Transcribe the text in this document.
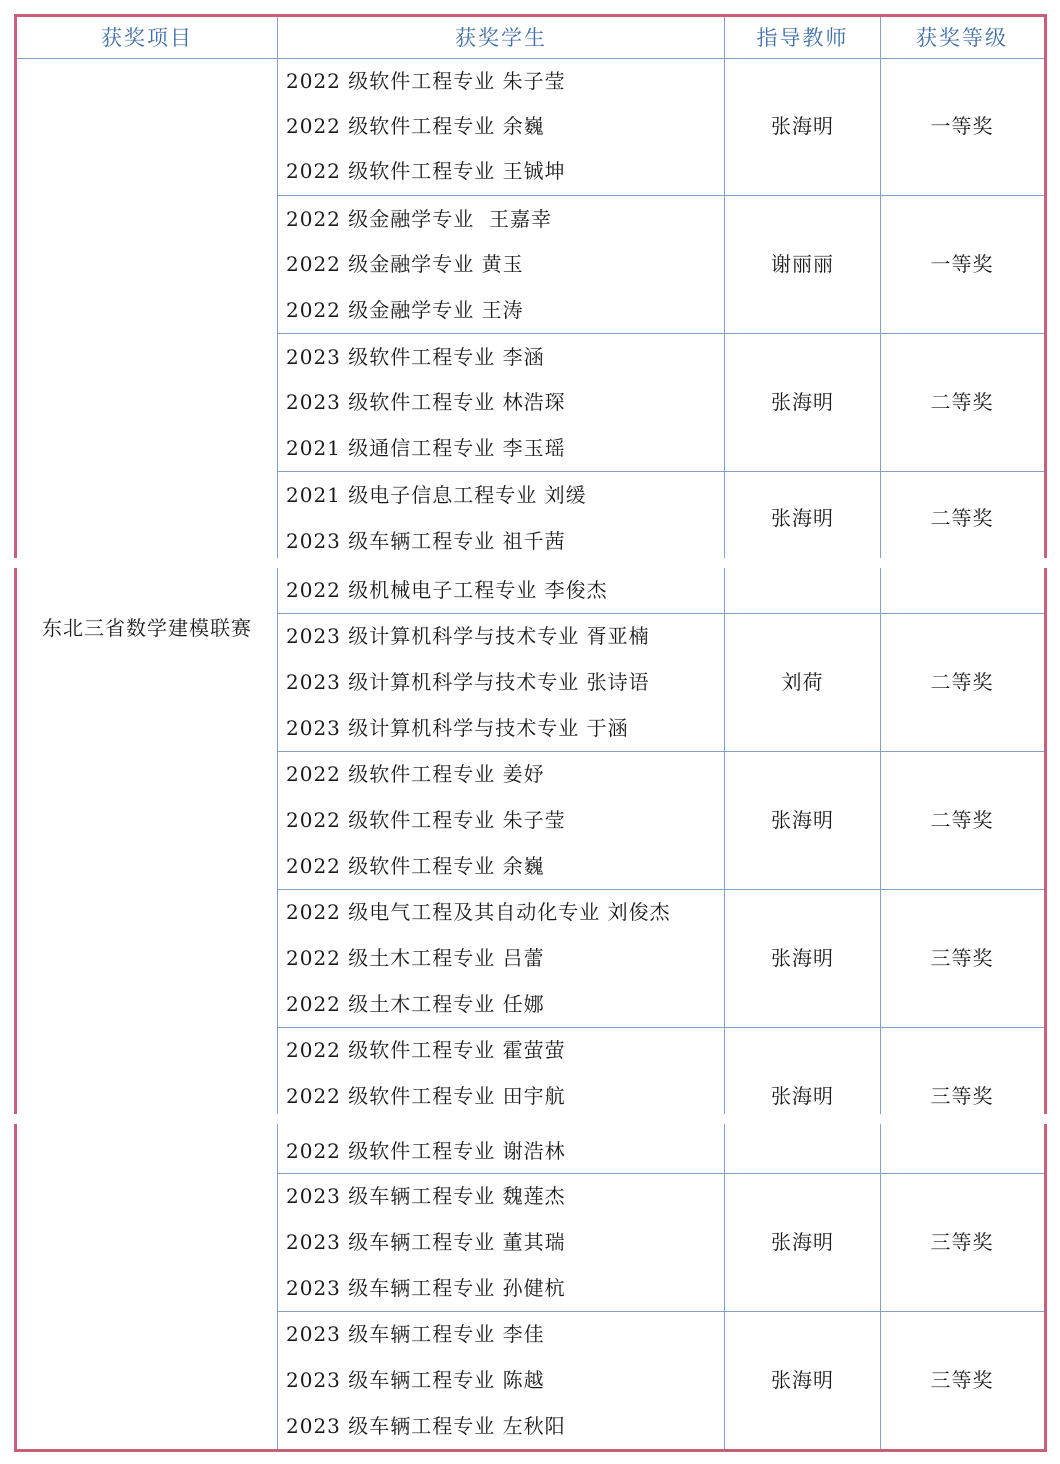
获奖项目	获奖学生	指导教师	获奖等级
东北三省数学建模联赛
2022 级软件工程专业 朱子莹
2022 级软件工程专业 余巍
2022 级软件工程专业 王铖坤
张海明	一等奖
2022 级金融学专业  王嘉幸
2022 级金融学专业 黄玉
2022 级金融学专业 王涛
谢丽丽	一等奖
2023 级软件工程专业 李涵
2023 级软件工程专业 林浩琛
2021 级通信工程专业 李玉瑶
张海明	二等奖
2021 级电子信息工程专业 刘缓
2023 级车辆工程专业 祖千茜
2022 级机械电子工程专业 李俊杰
张海明	二等奖
2023 级计算机科学与技术专业 胥亚楠
2023 级计算机科学与技术专业 张诗语
2023 级计算机科学与技术专业 于涵
刘荷	二等奖
2022 级软件工程专业 姜妤
2022 级软件工程专业 朱子莹
2022 级软件工程专业 余巍
张海明	二等奖
2022 级电气工程及其自动化专业 刘俊杰
2022 级土木工程专业 吕蕾
2022 级土木工程专业 任娜
张海明	三等奖
2022 级软件工程专业 霍萤萤
2022 级软件工程专业 田宇航
2022 级软件工程专业 谢浩林
张海明	三等奖
2023 级车辆工程专业 魏莲杰
2023 级车辆工程专业 董其瑞
2023 级车辆工程专业 孙健杭
张海明	三等奖
2023 级车辆工程专业 李佳
2023 级车辆工程专业 陈越
2023 级车辆工程专业 左秋阳
张海明	三等奖
